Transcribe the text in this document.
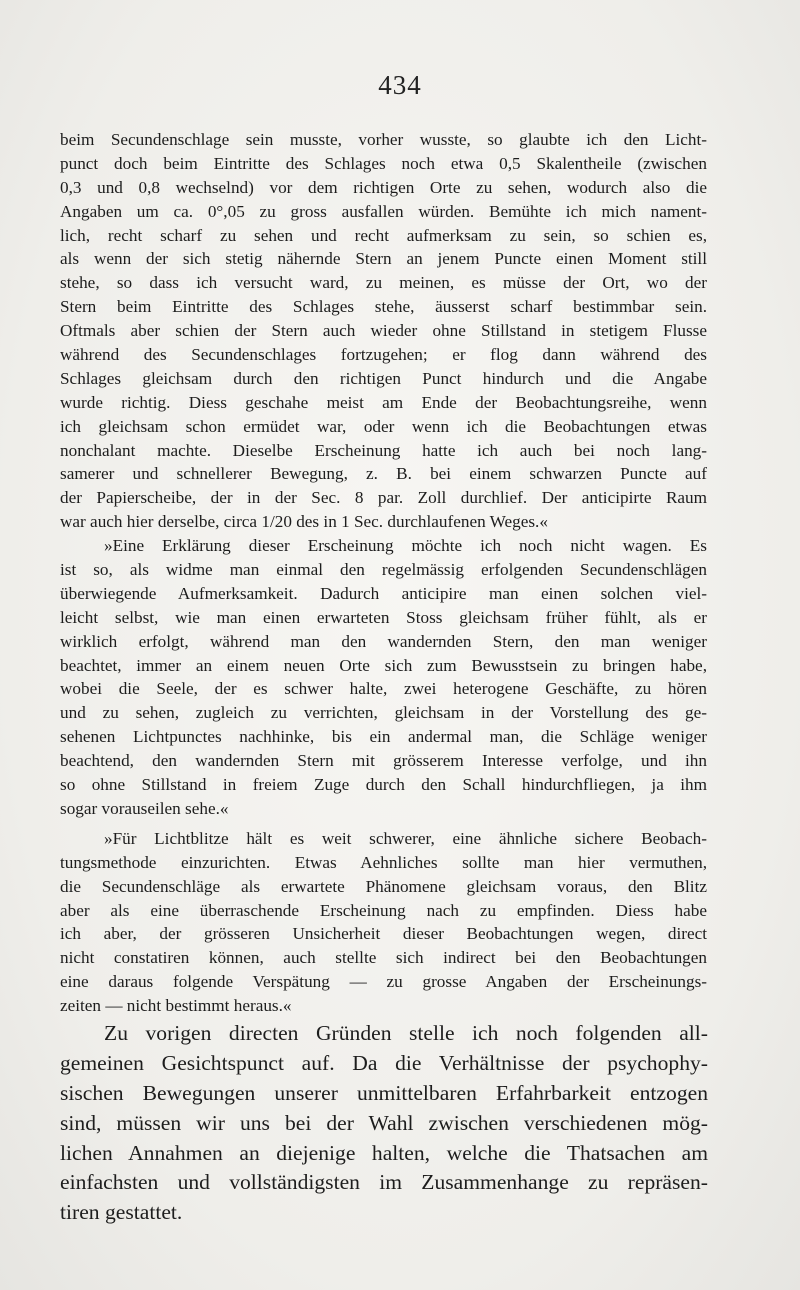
434
beim Secundenschlage sein musste, vorher wusste, so glaubte ich den Licht-
punct doch beim Eintritte des Schlages noch etwa 0,5 Skalentheile (zwischen
0,3 und 0,8 wechselnd) vor dem richtigen Orte zu sehen, wodurch also die
Angaben um ca. 0°,05 zu gross ausfallen würden. Bemühte ich mich nament-
lich, recht scharf zu sehen und recht aufmerksam zu sein, so schien es,
als wenn der sich stetig nähernde Stern an jenem Puncte einen Moment still
stehe, so dass ich versucht ward, zu meinen, es müsse der Ort, wo der
Stern beim Eintritte des Schlages stehe, äusserst scharf bestimmbar sein.
Oftmals aber schien der Stern auch wieder ohne Stillstand in stetigem Flusse
während des Secundenschlages fortzugehen; er flog dann während des
Schlages gleichsam durch den richtigen Punct hindurch und die Angabe
wurde richtig. Diess geschahe meist am Ende der Beobachtungsreihe, wenn
ich gleichsam schon ermüdet war, oder wenn ich die Beobachtungen etwas
nonchalant machte. Dieselbe Erscheinung hatte ich auch bei noch lang-
samerer und schnellerer Bewegung, z. B. bei einem schwarzen Puncte auf
der Papierscheibe, der in der Sec. 8 par. Zoll durchlief. Der anticipirte Raum
war auch hier derselbe, circa 1/20 des in 1 Sec. durchlaufenen Weges.«
»Eine Erklärung dieser Erscheinung möchte ich noch nicht wagen. Es
ist so, als widme man einmal den regelmässig erfolgenden Secundenschlägen
überwiegende Aufmerksamkeit. Dadurch anticipire man einen solchen viel-
leicht selbst, wie man einen erwarteten Stoss gleichsam früher fühlt, als er
wirklich erfolgt, während man den wandernden Stern, den man weniger
beachtet, immer an einem neuen Orte sich zum Bewusstsein zu bringen habe,
wobei die Seele, der es schwer halte, zwei heterogene Geschäfte, zu hören
und zu sehen, zugleich zu verrichten, gleichsam in der Vorstellung des ge-
sehenen Lichtpunctes nachhinke, bis ein andermal man, die Schläge weniger
beachtend, den wandernden Stern mit grösserem Interesse verfolge, und ihn
so ohne Stillstand in freiem Zuge durch den Schall hindurchfliegen, ja ihm
sogar vorauseilen sehe.«
»Für Lichtblitze hält es weit schwerer, eine ähnliche sichere Beobach-
tungsmethode einzurichten. Etwas Aehnliches sollte man hier vermuthen,
die Secundenschläge als erwartete Phänomene gleichsam voraus, den Blitz
aber als eine überraschende Erscheinung nach zu empfinden. Diess habe
ich aber, der grösseren Unsicherheit dieser Beobachtungen wegen, direct
nicht constatiren können, auch stellte sich indirect bei den Beobachtungen
eine daraus folgende Verspätung — zu grosse Angaben der Erscheinungs-
zeiten — nicht bestimmt heraus.«
Zu vorigen directen Gründen stelle ich noch folgenden all-
gemeinen Gesichtspunct auf. Da die Verhältnisse der psychophy-
sischen Bewegungen unserer unmittelbaren Erfahrbarkeit entzogen
sind, müssen wir uns bei der Wahl zwischen verschiedenen mög-
lichen Annahmen an diejenige halten, welche die Thatsachen am
einfachsten und vollständigsten im Zusammenhange zu repräsen-
tiren gestattet.
